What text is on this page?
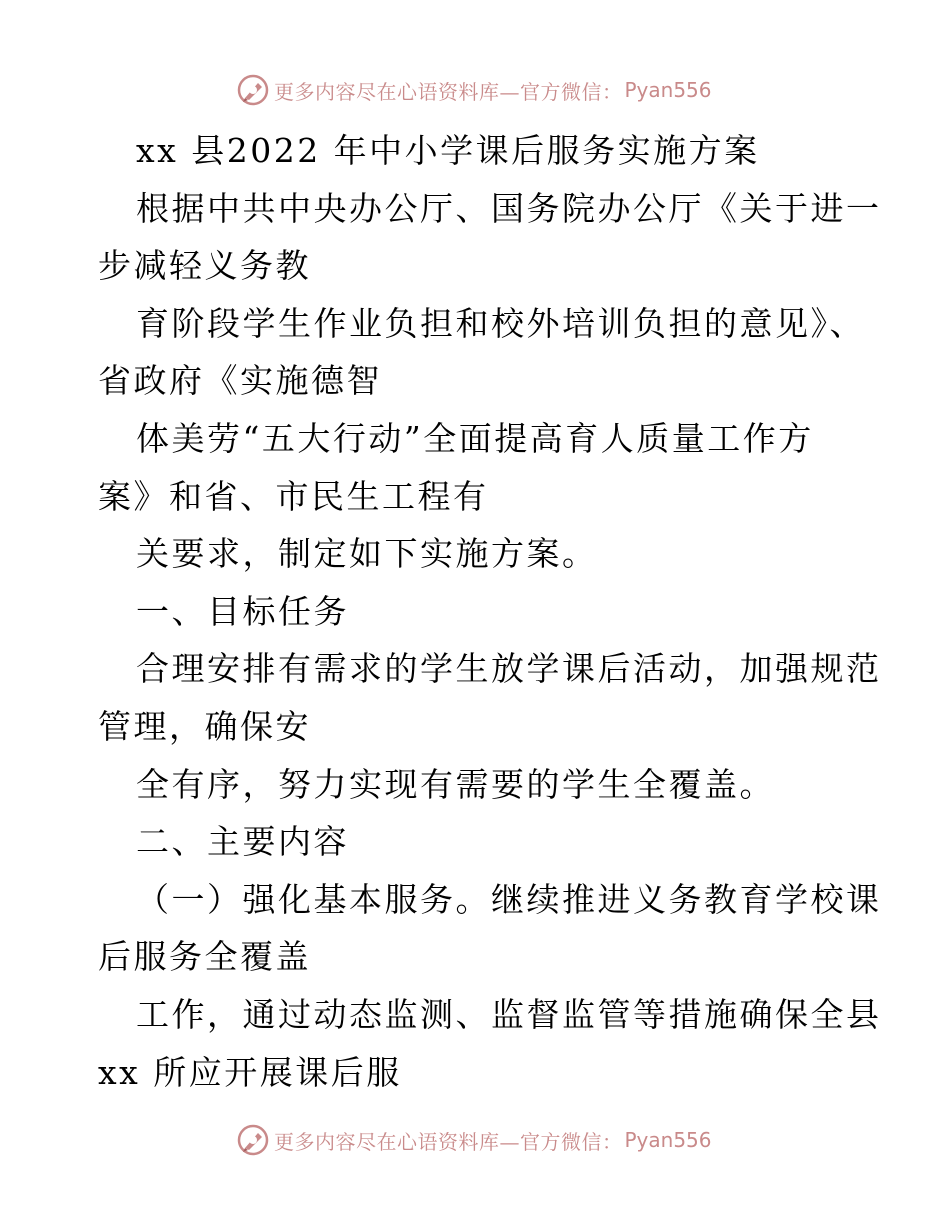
更多内容尽在心语资料库—官方微信： Pyan556
xx 县2022 年中小学课后服务实施方案
根据中共中央办公厅、国务院办公厅《关于进一
步减轻义务教
育阶段学生作业负担和校外培训负担的意见》、
省政府《实施德智
体美劳“五大行动”全面提高育人质量工作方
案》和省、市民生工程有
关要求，制定如下实施方案。
一、目标任务
合理安排有需求的学生放学课后活动，加强规范
管理，确保安
全有序，努力实现有需要的学生全覆盖。
二、主要内容
（一）强化基本服务。继续推进义务教育学校课
后服务全覆盖
工作，通过动态监测、监督监管等措施确保全县
xx 所应开展课后服
更多内容尽在心语资料库—官方微信： Pyan556
